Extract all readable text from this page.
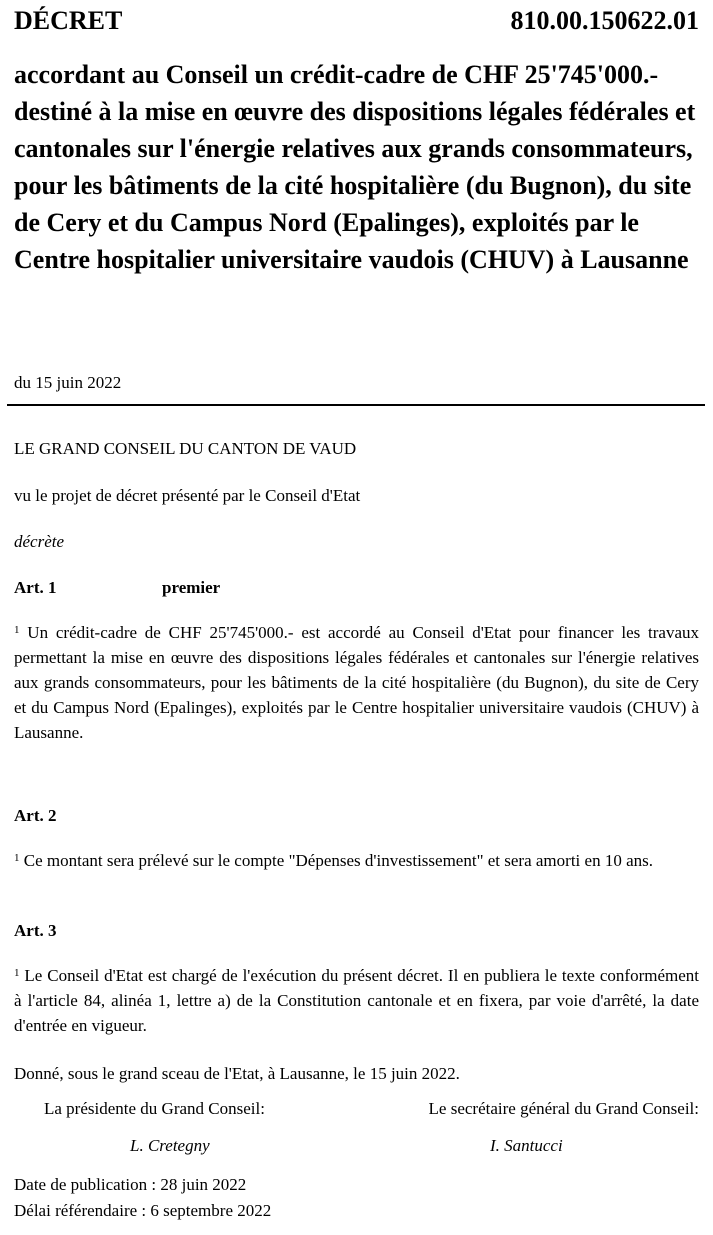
DÉCRET	810.00.150622.01
accordant au Conseil un crédit-cadre de CHF 25'745'000.- destiné à la mise en œuvre des dispositions légales fédérales et cantonales sur l'énergie relatives aux grands consommateurs, pour les bâtiments de la cité hospitalière (du Bugnon), du site de Cery et du Campus Nord (Epalinges), exploités par le Centre hospitalier universitaire vaudois (CHUV) à Lausanne
du 15 juin 2022
LE GRAND CONSEIL DU CANTON DE VAUD
vu le projet de décret présenté par le Conseil d'Etat
décrète
Art. 1	premier
$^1$ Un crédit-cadre de CHF 25'745'000.- est accordé au Conseil d'Etat pour financer les travaux permettant la mise en œuvre des dispositions légales fédérales et cantonales sur l'énergie relatives aux grands consommateurs, pour les bâtiments de la cité hospitalière (du Bugnon), du site de Cery et du Campus Nord (Epalinges), exploités par le Centre hospitalier universitaire vaudois (CHUV) à Lausanne.
Art. 2
$^1$ Ce montant sera prélevé sur le compte "Dépenses d'investissement" et sera amorti en 10 ans.
Art. 3
$^1$ Le Conseil d'Etat est chargé de l'exécution du présent décret. Il en publiera le texte conformément à l'article 84, alinéa 1, lettre a) de la Constitution cantonale et en fixera, par voie d'arrêté, la date d'entrée en vigueur.
Donné, sous le grand sceau de l'Etat, à Lausanne, le 15 juin 2022.
La présidente du Grand Conseil:	Le secrétaire général du Grand Conseil:
L. Cretegny	I. Santucci
Date de publication : 28 juin 2022
Délai référendaire : 6 septembre 2022
